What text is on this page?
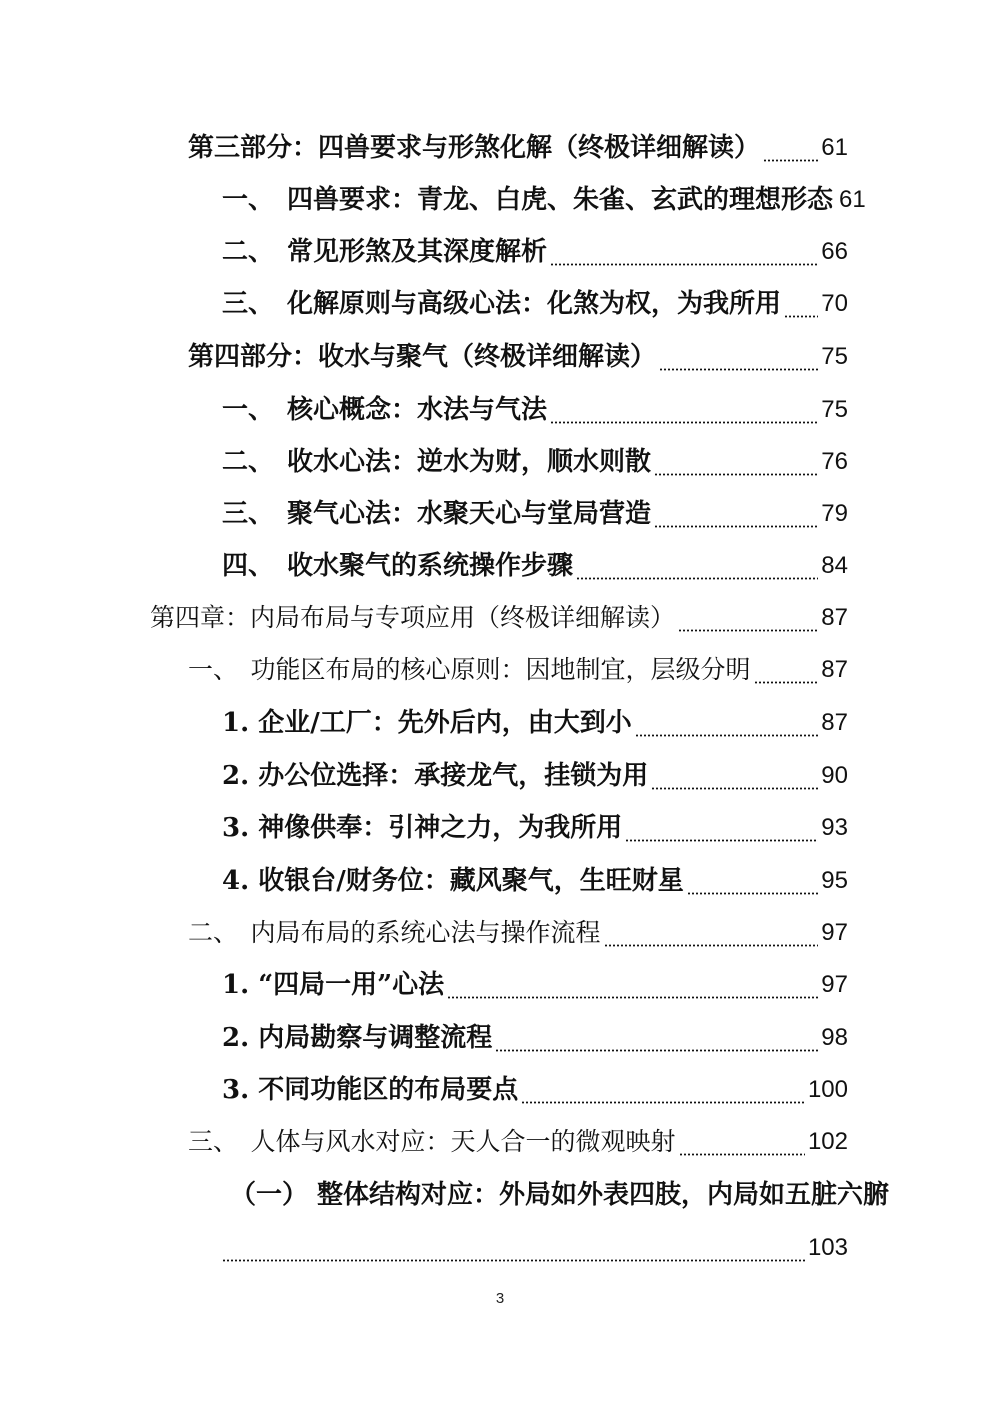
第三部分：四兽要求与形煞化解（终极详细解读）	61
一、　四兽要求：青龙、白虎、朱雀、玄武的理想形态 61
二、　常见形煞及其深度解析	66
三、　化解原则与高级心法：化煞为权，为我所用 70
第四部分：收水与聚气（终极详细解读）	75
一、　核心概念：水法与气法	75
二、　收水心法：逆水为财，顺水则散	76
三、　聚气心法：水聚天心与堂局营造	79
四、　收水聚气的系统操作步骤	84
第四章：内局布局与专项应用（终极详细解读）	87
一、　功能区布局的核心原则：因地制宜，层级分明	87
1. 企业/工厂：先外后内，由大到小	87
2. 办公位选择：承接龙气，挂锁为用	90
3. 神像供奉：引神之力，为我所用	93
4. 收银台/财务位：藏风聚气，生旺财星	95
二、　内局布局的系统心法与操作流程	97
1. “四局一用”心法	97
2. 内局勘察与调整流程	98
3. 不同功能区的布局要点	100
三、　人体与风水对应：天人合一的微观映射	102
（一） 整体结构对应：外局如外表四肢，内局如五脏六腑
103
3
